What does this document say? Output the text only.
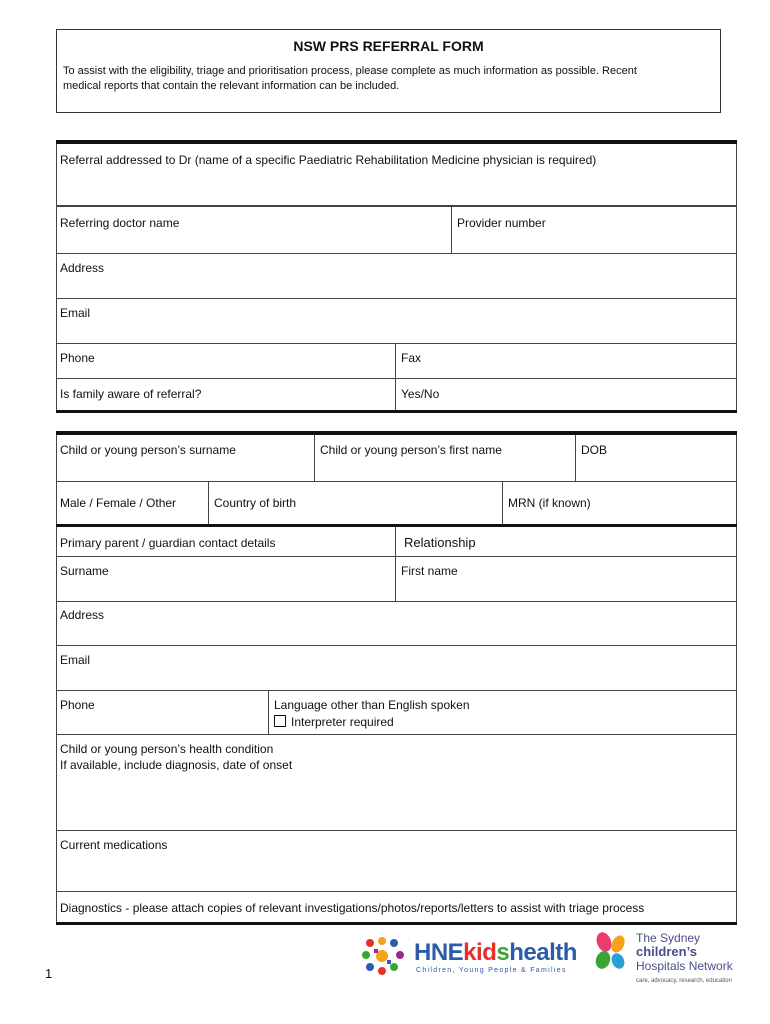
NSW PRS REFERRAL FORM
To assist with the eligibility, triage and prioritisation process, please complete as much information as possible. Recent
medical reports that contain the relevant information can be included.
Referral addressed to Dr (name of a specific Paediatric Rehabilitation Medicine physician is required)
Referring doctor name	Provider number
Address
Email
Phone	Fax
Is family aware of referral?	Yes/No
Child or young person’s surname	Child or young person’s first name	DOB
Male / Female / Other	Country of birth	MRN (if known)
Primary parent / guardian contact details	Relationship
Surname	First name
Address
Email
Phone	Language other than English spoken
Interpreter required
Child or young person’s health condition
If available, include diagnosis, date of onset
Current medications
Diagnostics - please attach copies of relevant investigations/photos/reports/letters to assist with triage process
1
HNEkidshealth
Children, Young People & Families
The Sydney
children’s
Hospitals Network
care, advocacy, research, education
